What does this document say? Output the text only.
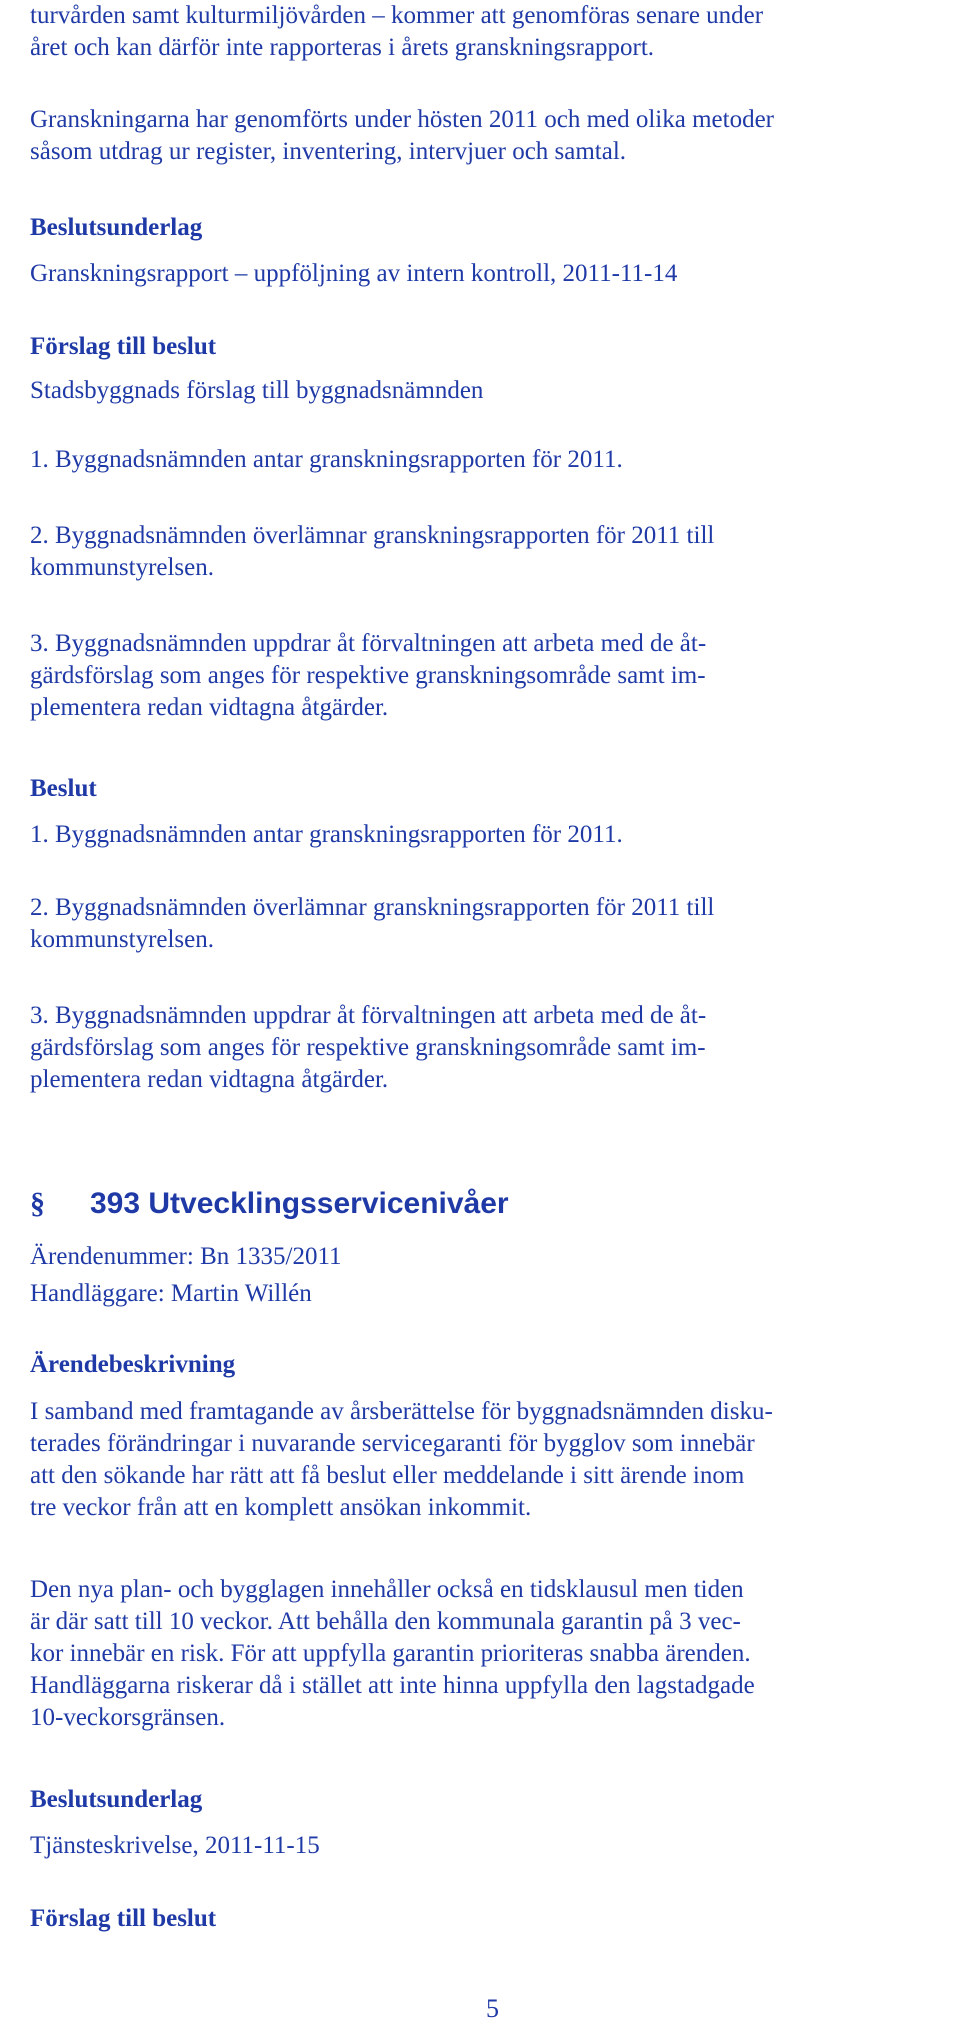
turvården samt kulturmiljövården – kommer att genomföras senare under
året och kan därför inte rapporteras i årets granskningsrapport.

Granskningarna har genomförts under hösten 2011 och med olika metoder
såsom utdrag ur register, inventering, intervjuer och samtal.

Beslutsunderlag

Granskningsrapport – uppföljning av intern kontroll, 2011-11-14

Förslag till beslut

Stadsbyggnads förslag till byggnadsnämnden

1. Byggnadsnämnden antar granskningsrapporten för 2011.

2. Byggnadsnämnden överlämnar granskningsrapporten för 2011 till
kommunstyrelsen.

3. Byggnadsnämnden uppdrar åt förvaltningen att arbeta med de åt-
gärdsförslag som anges för respektive granskningsområde samt im-
plementera redan vidtagna åtgärder.

Beslut

1. Byggnadsnämnden antar granskningsrapporten för 2011.

2. Byggnadsnämnden överlämnar granskningsrapporten för 2011 till
kommunstyrelsen.

3. Byggnadsnämnden uppdrar åt förvaltningen att arbeta med de åt-
gärdsförslag som anges för respektive granskningsområde samt im-
plementera redan vidtagna åtgärder.

§ 393 Utvecklingsservicenivåer

Ärendenummer: Bn 1335/2011

Handläggare: Martin Willén

Ärendebeskrivning

I samband med framtagande av årsberättelse för byggnadsnämnden disku-
terades förändringar i nuvarande servicegaranti för bygglov som innebär
att den sökande har rätt att få beslut eller meddelande i sitt ärende inom
tre veckor från att en komplett ansökan inkommit.

Den nya plan- och bygglagen innehåller också en tidsklausul men tiden
är där satt till 10 veckor. Att behålla den kommunala garantin på 3 vec-
kor innebär en risk. För att uppfylla garantin prioriteras snabba ärenden.
Handläggarna riskerar då i stället att inte hinna uppfylla den lagstadgade
10-veckorsgränsen.

Beslutsunderlag

Tjänsteskrivelse, 2011-11-15

Förslag till beslut

5
